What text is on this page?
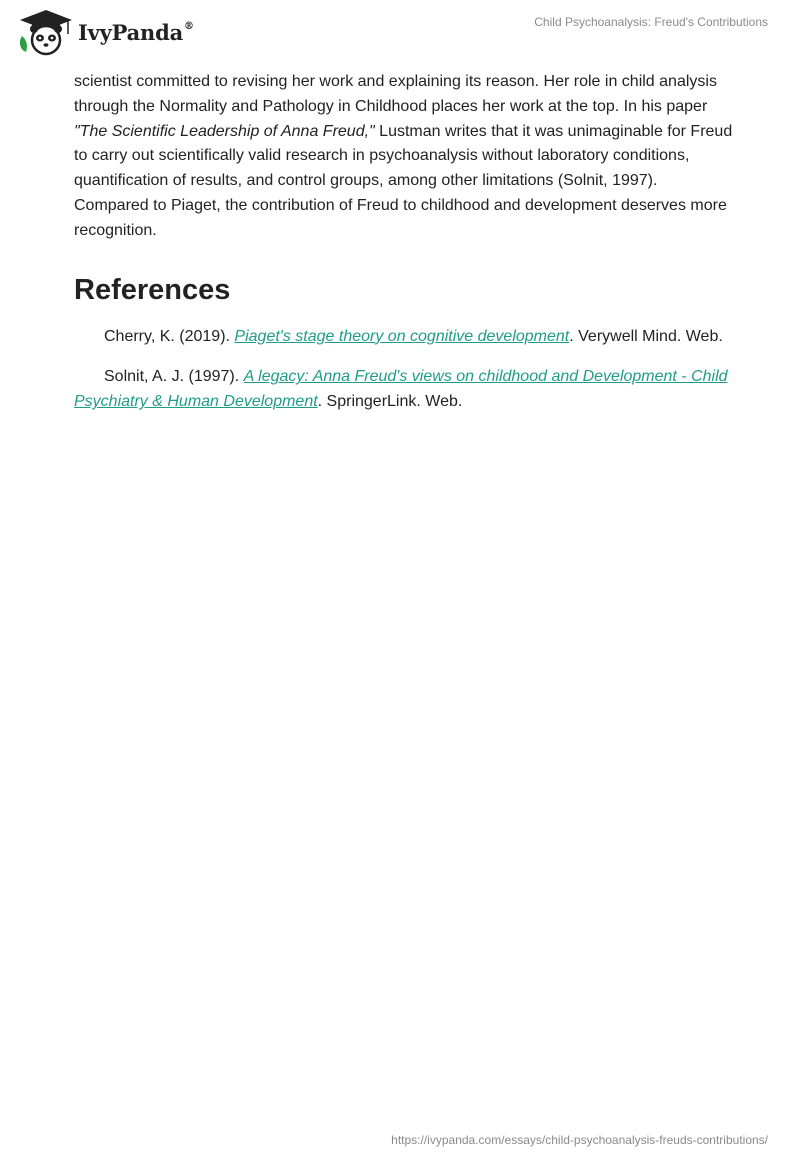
IvyPanda®	Child Psychoanalysis: Freud's Contributions

scientist committed to revising her work and explaining its reason. Her role in child analysis through the Normality and Pathology in Childhood places her work at the top. In his paper "The Scientific Leadership of Anna Freud," Lustman writes that it was unimaginable for Freud to carry out scientifically valid research in psychoanalysis without laboratory conditions, quantification of results, and control groups, among other limitations (Solnit, 1997). Compared to Piaget, the contribution of Freud to childhood and development deserves more recognition.

References

Cherry, K. (2019). Piaget's stage theory on cognitive development. Verywell Mind. Web.

Solnit, A. J. (1997). A legacy: Anna Freud's views on childhood and Development - Child Psychiatry & Human Development. SpringerLink. Web.

https://ivypanda.com/essays/child-psychoanalysis-freuds-contributions/
